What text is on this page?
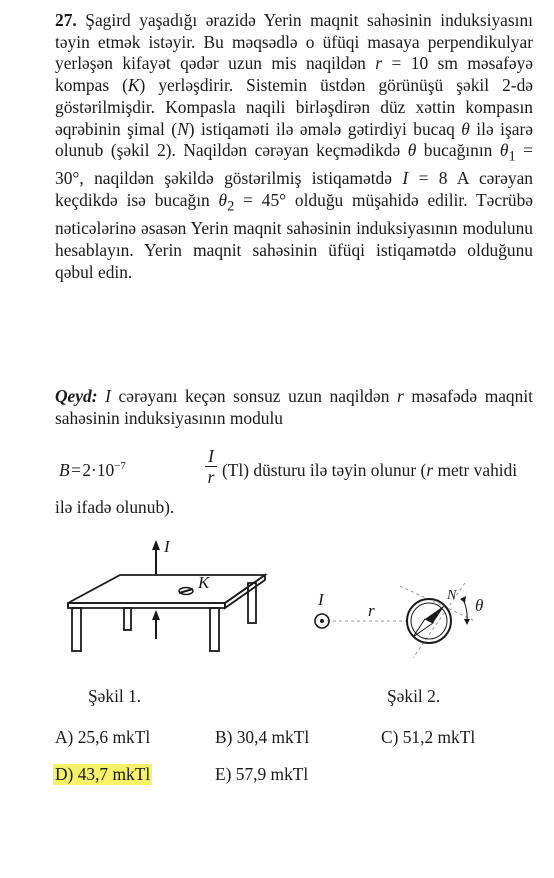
27. Şagird yaşadığı ərazidə Yerin maqnit sahəsinin induksiyasını təyin etmək istəyir. Bu məqsədlə o üfüqi masaya perpendikulyar yerləşən kifayət qədər uzun mis naqildən r = 10 sm məsafəyə kompas (K) yerləşdirir. Sistemin üstdən görünüşü şəkil 2-də göstərilmişdir. Kompasla naqili birləşdirən düz xəttin kompasın əqrəbinin şimal (N) istiqaməti ilə əmələ gətirdiyi bucaq θ ilə işarə olunub (şəkil 2). Naqildən cərəyan keçmədikdə θ bucağının $\theta_1 = 30^\circ$, naqildən şəkildə göstərilmiş istiqamətdə I = 8 A cərəyan keçdikdə isə bucağın $\theta_2 = 45^\circ$ olduğu müşahidə edilir. Təcrübə nəticələrinə əsasən Yerin maqnit sahəsinin induksiyasının modulunu hesablayın. Yerin maqnit sahəsinin üfüqi istiqamətdə olduğunu qəbul edin.

Qeyd: I cərəyanı keçən sonsuz uzun naqildən r məsafədə maqnit sahəsinin induksiyasının modulu

B = $2\cdot 10^{-7}$
I
r (Tl) düsturu ilə təyin olunur (r metr vahidi

ilə ifadə olunub).

I
K
I
r
N
θ
Şəkil 1.	Şəkil 2.
A) 25,6 mkTl	B) 30,4 mkTl	C) 51,2 mkTl
D) 43,7 mkTl	E) 57,9 mkTl
